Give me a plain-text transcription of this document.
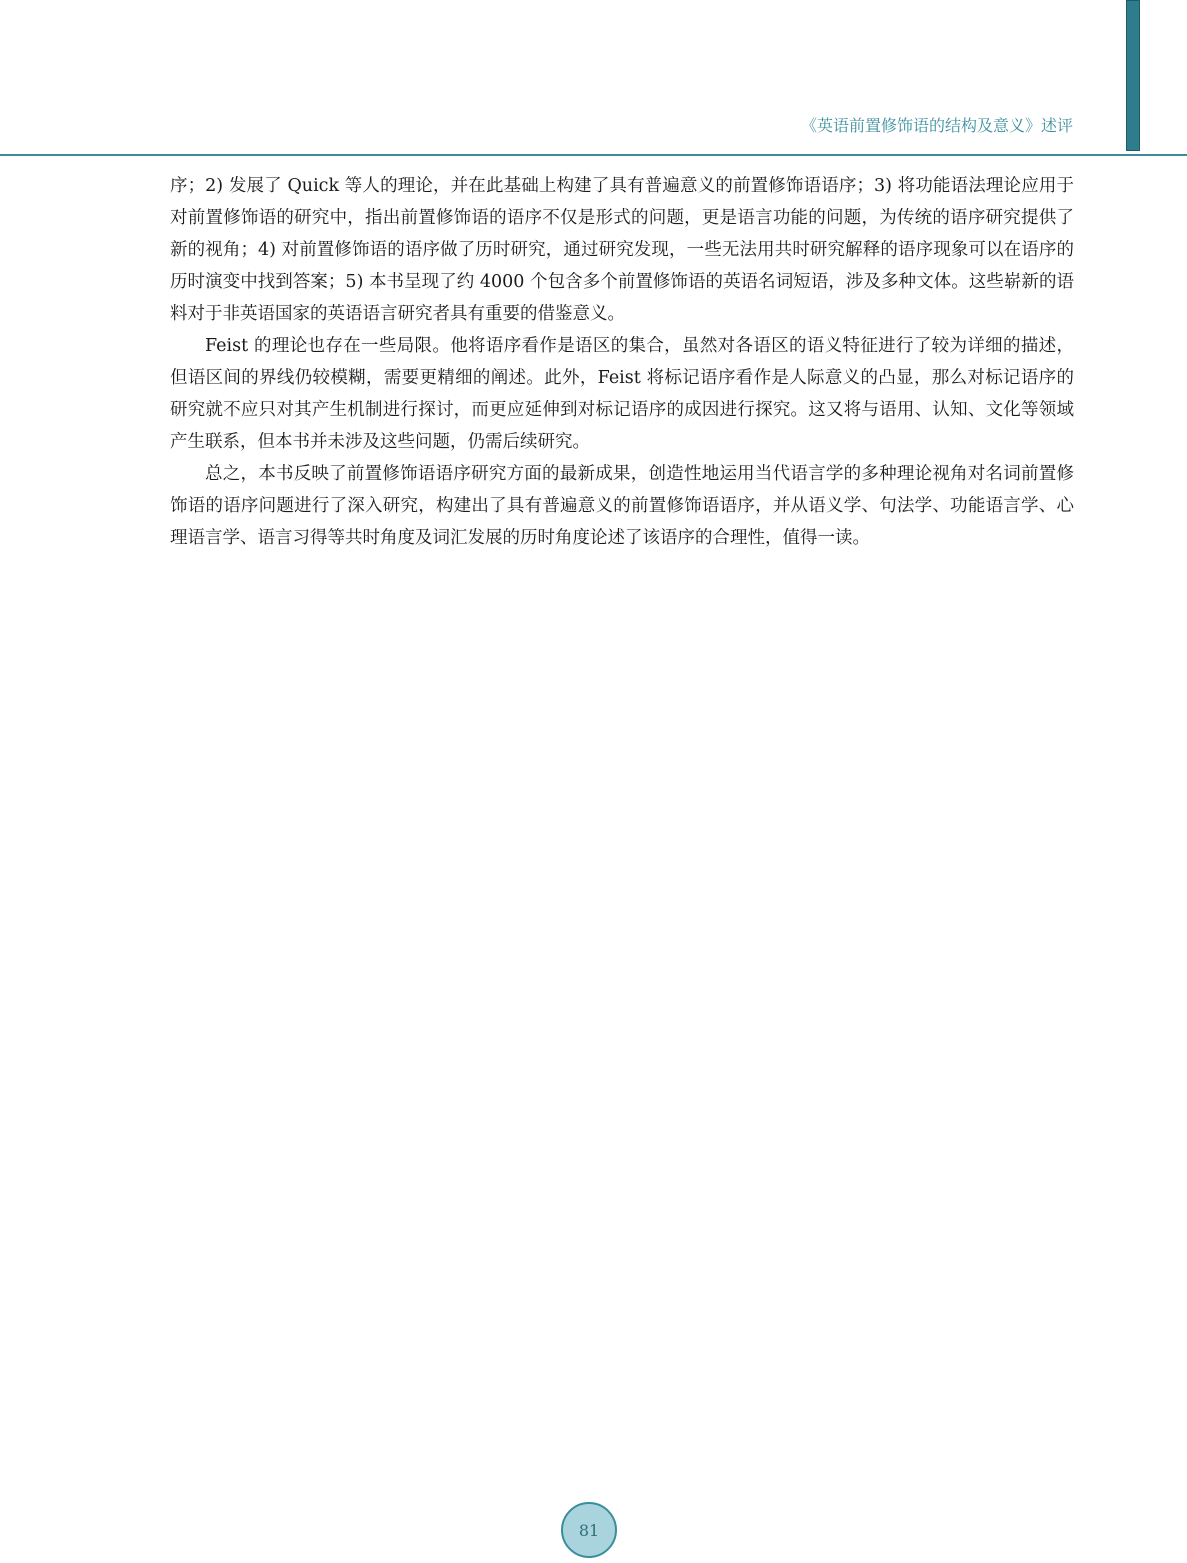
《英语前置修饰语的结构及意义》述评

序；2) 发展了 Quick 等人的理论，并在此基础上构建了具有普遍意义的前置修饰语语序；3) 将功能语法理论应用于对前置修饰语的研究中，指出前置修饰语的语序不仅是形式的问题，更是语言功能的问题，为传统的语序研究提供了新的视角；4) 对前置修饰语的语序做了历时研究，通过研究发现，一些无法用共时研究解释的语序现象可以在语序的历时演变中找到答案；5) 本书呈现了约 4000 个包含多个前置修饰语的英语名词短语，涉及多种文体。这些崭新的语料对于非英语国家的英语语言研究者具有重要的借鉴意义。

Feist 的理论也存在一些局限。他将语序看作是语区的集合，虽然对各语区的语义特征进行了较为详细的描述，但语区间的界线仍较模糊，需要更精细的阐述。此外，Feist 将标记语序看作是人际意义的凸显，那么对标记语序的研究就不应只对其产生机制进行探讨，而更应延伸到对标记语序的成因进行探究。这又将与语用、认知、文化等领域产生联系，但本书并未涉及这些问题，仍需后续研究。

总之，本书反映了前置修饰语语序研究方面的最新成果，创造性地运用当代语言学的多种理论视角对名词前置修饰语的语序问题进行了深入研究，构建出了具有普遍意义的前置修饰语语序，并从语义学、句法学、功能语言学、心理语言学、语言习得等共时角度及词汇发展的历时角度论述了该语序的合理性，值得一读。

81
